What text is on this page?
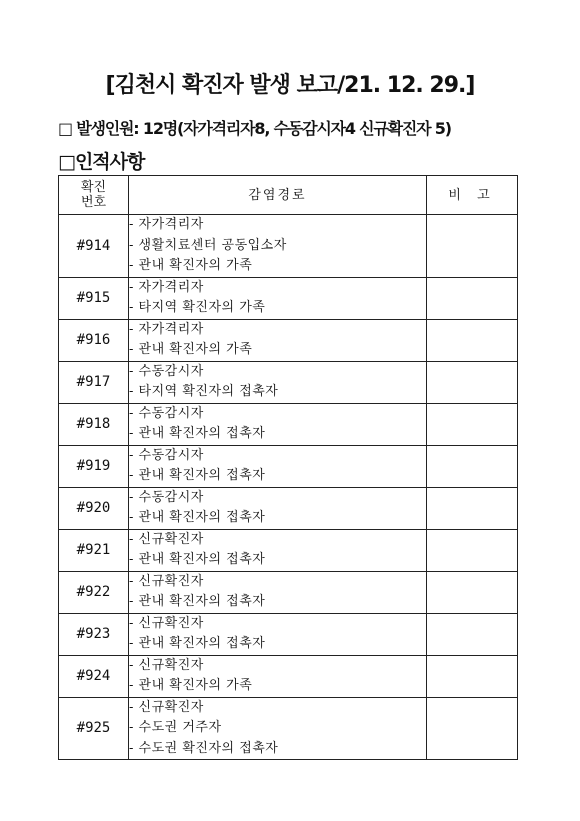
[김천시 확진자 발생 보고/21. 12. 29.]
□ 발생인원: 12명(자가격리자8, 수동감시자4 신규확진자 5)
□인적사항
확진
번호	감염경로	비 고
#914	- 자가격리자
- 생활치료센터 공동입소자
- 관내 확진자의 가족	

#915	- 자가격리자
- 타지역 확진자의 가족	

#916	- 자가격리자
- 관내 확진자의 가족	

#917	- 수동감시자
- 타지역 확진자의 접촉자	

#918	- 수동감시자
- 관내 확진자의 접촉자	

#919	- 수동감시자
- 관내 확진자의 접촉자	

#920	- 수동감시자
- 관내 확진자의 접촉자	

#921	- 신규확진자
- 관내 확진자의 접촉자	

#922	- 신규확진자
- 관내 확진자의 접촉자	

#923	- 신규확진자
- 관내 확진자의 접촉자	

#924	- 신규확진자
- 관내 확진자의 가족	

#925	- 신규확진자
- 수도권 거주자
- 수도권 확진자의 접촉자	
